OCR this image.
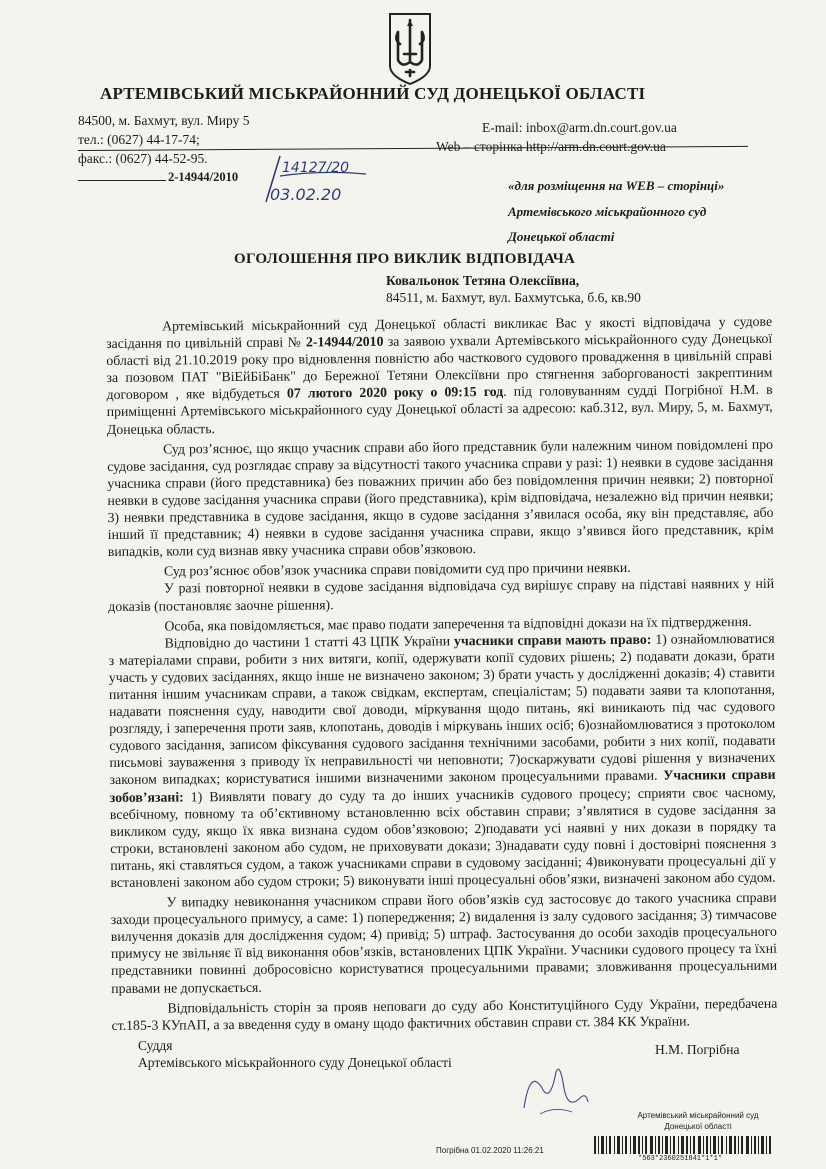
АРТЕМІВСЬКИЙ МІСЬКРАЙОННИЙ СУД ДОНЕЦЬКОЇ ОБЛАСТІ
84500, м. Бахмут, вул. Миру 5
тел.: (0627) 44-17-74;
факс.: (0627) 44-52-95.
E-mail: inbox@arm.dn.court.gov.ua
Web – сторінка http://arm.dn.court.gov.ua
2-14944/2010
14127/20
03.02.20	«для розміщення на WEB – сторінці»
Артемівського міськрайонного суд
Донецької області
ОГОЛОШЕННЯ ПРО ВИКЛИК ВІДПОВІДАЧА
Ковальонок Тетяна Олексіївна,
84511, м. Бахмут, вул. Бахмутська, б.6, кв.90

Артемівський міськрайонний суд Донецької області викликає Вас у якості відповідача у судове засідання по цивільній справі № 2-14944/2010 за заявою ухвали Артемівського міськрайонного суду Донецької області від 21.10.2019 року про відновлення повністю або часткового судового провадження в цивільній справі за позовом ПАТ "ВіЕйБіБанк" до Бережної Тетяни Олексіївни про стягнення заборгованості закрептиним договором , яке відбудеться 07 лютого 2020 року о 09:15 год. під головуванням судді Погрібної Н.М. в приміщенні Артемівського міськрайонного суду Донецької області за адресою: каб.312, вул. Миру, 5, м. Бахмут, Донецька область.

Суд роз’яснює, що якщо учасник справи або його представник були належним чином повідомлені про судове засідання, суд розглядає справу за відсутності такого учасника справи у разі: 1) неявки в судове засідання учасника справи (його представника) без поважних причин або без повідомлення причин неявки; 2) повторної неявки в судове засідання учасника справи (його представника), крім відповідача, незалежно від причин неявки; 3) неявки представника в судове засідання, якщо в судове засідання з’явилася особа, яку він представляє, або інший її представник; 4) неявки в судове засідання учасника справи, якщо з’явився його представник, крім випадків, коли суд визнав явку учасника справи обов’язковою.

Суд роз’яснює обов’язок учасника справи повідомити суд про причини неявки.

У разі повторної неявки в судове засідання відповідача суд вирішує справу на підставі наявних у ній доказів (постановляє заочне рішення).

Особа, яка повідомляється, має право подати заперечення та відповідні докази на їх підтвердження.

Відповідно до частини 1 статті 43 ЦПК України учасники справи мають право: 1) ознайомлюватися з матеріалами справи, робити з них витяги, копії, одержувати копії судових рішень; 2) подавати докази, брати участь у судових засіданнях, якщо інше не визначено законом; 3) брати участь у дослідженні доказів; 4) ставити питання іншим учасникам справи, а також свідкам, експертам, спеціалістам; 5) подавати заяви та клопотання, надавати пояснення суду, наводити свої доводи, міркування щодо питань, які виникають під час судового розгляду, і заперечення проти заяв, клопотань, доводів і міркувань інших осіб; 6)ознайомлюватися з протоколом судового засідання, записом фіксування судового засідання технічними засобами, робити з них копії, подавати письмові зауваження з приводу їх неправильності чи неповноти; 7)оскаржувати судові рішення у визначених законом випадках; користуватися іншими визначеними законом процесуальними правами. Учасники справи зобов’язані: 1) Виявляти повагу до суду та до інших учасників судового процесу; сприяти своє часному, всебічному, повному та об’єктивному встановленню всіх обставин справи; з’являтися в судове засідання за викликом суду, якщо їх явка визнана судом обов’язковою; 2)подавати усі наявні у них докази в порядку та строки, встановлені законом або судом, не приховувати докази; 3)надавати суду повні і достовірні пояснення з питань, які ставляться судом, а також учасниками справи в судовому засіданні; 4)виконувати процесуальні дії у встановлені законом або судом строки; 5) виконувати інші процесуальні обов’язки, визначені законом або судом.

У випадку невиконання учасником справи його обов’язків суд застосовує до такого учасника справи заходи процесуального примусу, а саме: 1) попередження; 2) видалення із залу судового засідання; 3) тимчасове вилучення доказів для дослідження судом; 4) привід; 5) штраф. Застосування до особи заходів процесуального примусу не звільняє її від виконання обов’язків, встановлених ЦПК України. Учасники судового процесу та їхні представники повинні добросовісно користуватися процесуальними правами; зловживання процесуальними правами не допускається.

Відповідальність сторін за прояв неповаги до суду або Конституційного Суду України, передбачена ст.185-3 КУпАП, а за введення суду в оману щодо фактичних обставин справи ст. 384 КК України.

Суддя
Артемівського міськрайонного суду Донецької області
Н.М. Погрібна
Артемівський міськрайонний суд
Донецької області
Погрібна 01.02.2020 11:26:21
*563*2360251841*1*1*
